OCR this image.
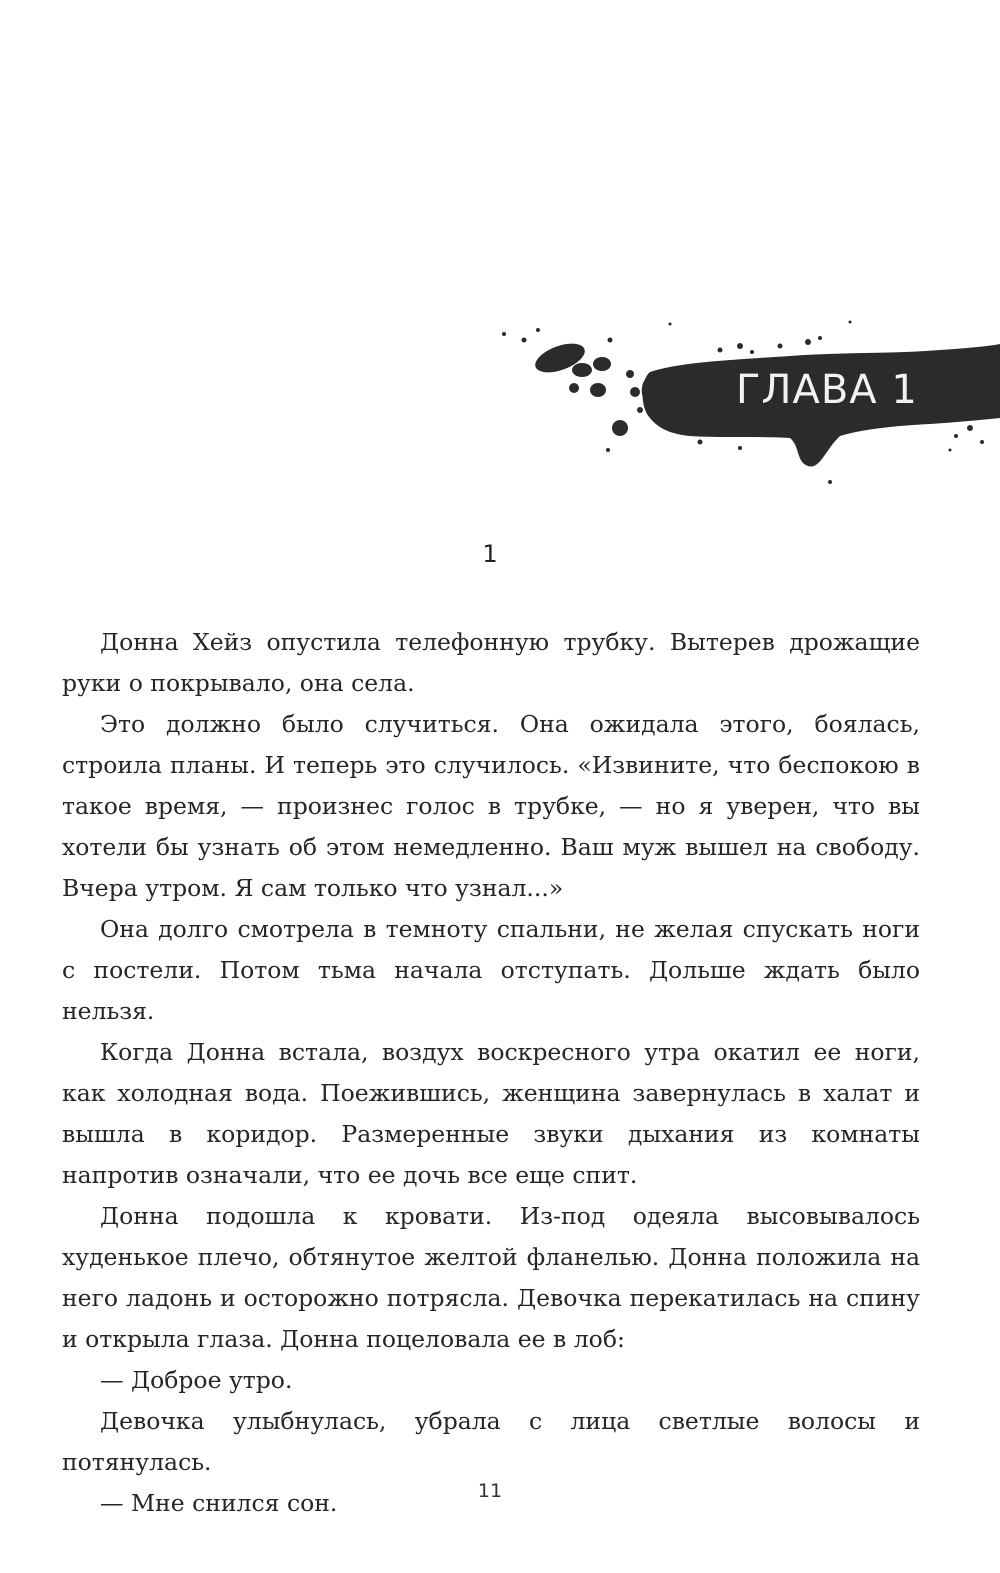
ГЛАВА 1
1

Донна Хейз опустила телефонную трубку. Вытерев дрожащие руки о покрывало, она села.

Это должно было случиться. Она ожидала этого, боялась, строила планы. И теперь это случилось. «Извините, что беспокою в такое время, — произнес голос в трубке, — но я уверен, что вы хотели бы узнать об этом немедленно. Ваш муж вышел на свободу. Вчера утром. Я сам только что узнал...»

Она долго смотрела в темноту спальни, не желая спускать ноги с постели. Потом тьма начала отступать. Дольше ждать было нельзя.

Когда Донна встала, воздух воскресного утра окатил ее ноги, как холодная вода. Поежившись, женщина завернулась в халат и вышла в коридор. Размеренные звуки дыхания из комнаты напротив означали, что ее дочь все еще спит.

Донна подошла к кровати. Из-под одеяла высовывалось худенькое плечо, обтянутое желтой фланелью. Донна положила на него ладонь и осторожно потрясла. Девочка перекатилась на спину и открыла глаза. Донна поцеловала ее в лоб:

— Доброе утро.

Девочка улыбнулась, убрала с лица светлые волосы и потянулась.

— Мне снился сон.	11
